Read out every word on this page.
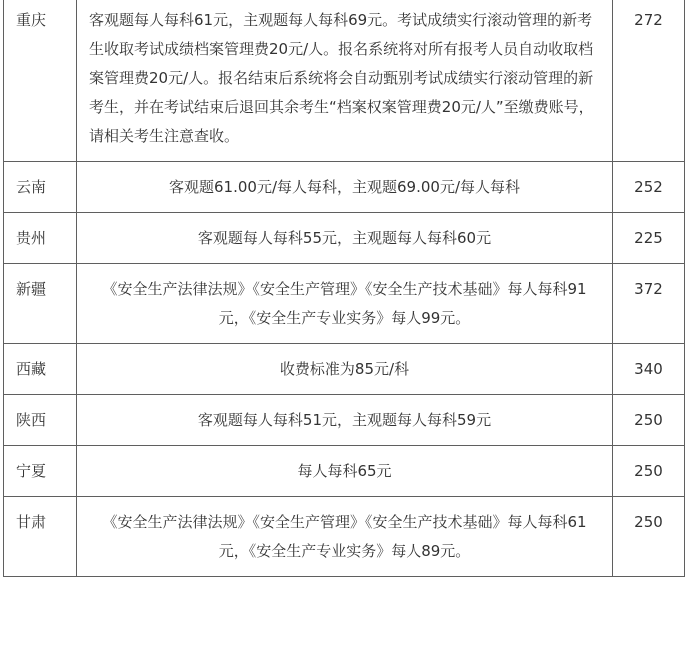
重庆	客观题每人每科61元，主观题每人每科69元。考试成绩实行滚动管理的新考生收取考试成绩档案管理费20元/人。报名系统将对所有报考人员自动收取档案管理费20元/人。报名结束后系统将会自动甄别考试成绩实行滚动管理的新考生，并在考试结束后退回其余考生“档案权案管理费20元/人”至缴费账号，请相关考生注意查收。	272
云南	客观题61.00元/每人每科，主观题69.00元/每人每科	252
贵州	客观题每人每科55元，主观题每人每科60元	225
新疆	《安全生产法律法规》《安全生产管理》《安全生产技术基础》每人每科91元，《安全生产专业实务》每人99元。	372
西藏	收费标准为85元/科	340
陕西	客观题每人每科51元，主观题每人每科59元	250
宁夏	每人每科65元	250
甘肃	《安全生产法律法规》《安全生产管理》《安全生产技术基础》每人每科61元，《安全生产专业实务》每人89元。	250
